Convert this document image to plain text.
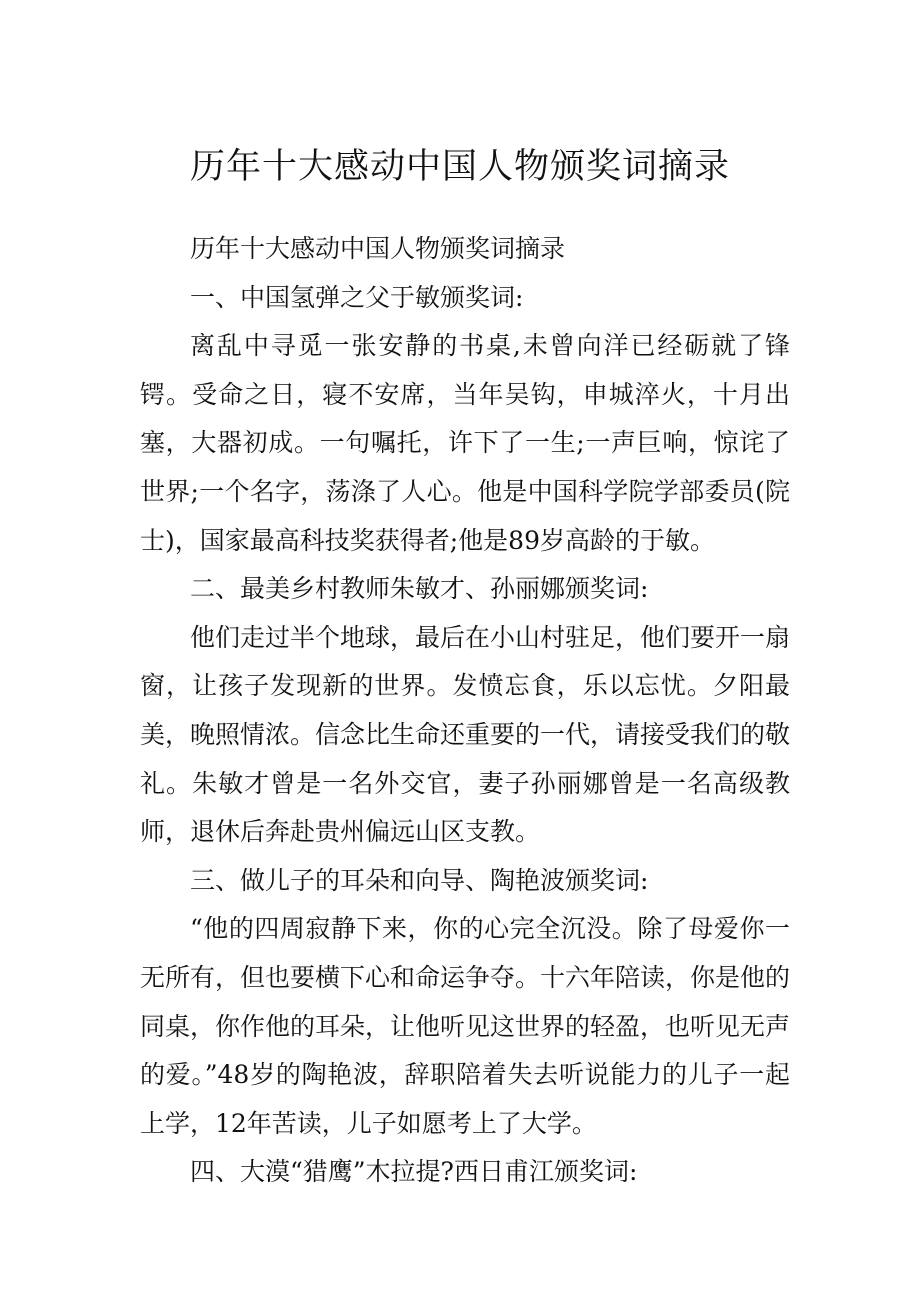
历年十大感动中国人物颁奖词摘录

历年十大感动中国人物颁奖词摘录

一、中国氢弹之父于敏颁奖词:

离乱中寻觅一张安静的书桌,未曾向洋已经砺就了锋锷。受命之日，寝不安席，当年吴钩，申城淬火，十月出塞，大器初成。一句嘱托，许下了一生;一声巨响，惊诧了世界;一个名字，荡涤了人心。他是中国科学院学部委员(院士)，国家最高科技奖获得者;他是89岁高龄的于敏。

二、最美乡村教师朱敏才、孙丽娜颁奖词:

他们走过半个地球，最后在小山村驻足，他们要开一扇窗，让孩子发现新的世界。发愤忘食，乐以忘忧。夕阳最美，晚照情浓。信念比生命还重要的一代，请接受我们的敬礼。朱敏才曾是一名外交官，妻子孙丽娜曾是一名高级教师，退休后奔赴贵州偏远山区支教。

三、做儿子的耳朵和向导、陶艳波颁奖词:

“他的四周寂静下来，你的心完全沉没。除了母爱你一无所有，但也要横下心和命运争夺。十六年陪读，你是他的同桌，你作他的耳朵，让他听见这世界的轻盈，也听见无声的爱。”48岁的陶艳波，辞职陪着失去听说能力的儿子一起上学，12年苦读，儿子如愿考上了大学。

四、大漠“猎鹰”木拉提?西日甫江颁奖词:
